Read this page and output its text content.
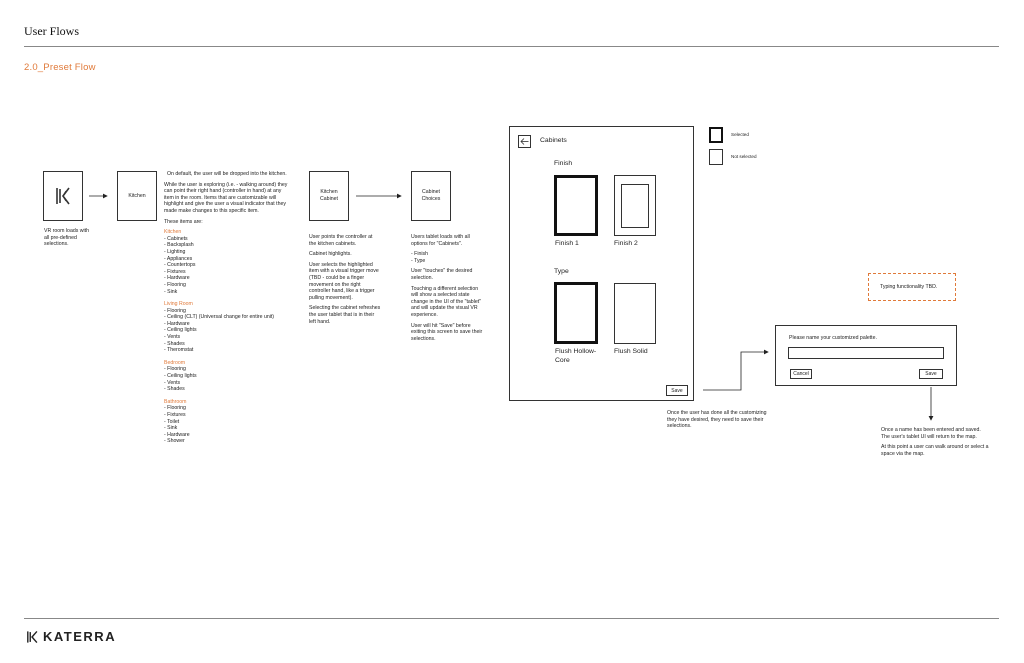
User Flows
2.0_Preset Flow
VR room loads with all pre-defined selections.
Kitchen

On default, the user will be dropped into the kitchen.

While the user is exploring (i.e. - walking around) they can point their right hand (controller in hand) at any item in the room. Items that are customizable will highlight and give the user a visual indicator that they made make changes to this specific item.

These items are:

Kitchen
- Cabinets
- Backsplash
- Lighting
- Appliances
- Countertops
- Fixtures
- Hardware
- Flooring
- Sink
Living Room
- Flooring
- Ceiling (CLT) (Universal change for entire unit)
- Hardware
- Ceiling lights
- Vents
- Shades
- Theromstat
Bedroom
- Flooring
- Ceiling lights
- Vents
- Shades
Bathroom
- Flooring
- Fixtures
- Toilet
- Sink
- Hardware
- Shower
Kitchen
Cabinet

User points the controller at the kitchen cabinets.

Cabinet highlights.

User selects the highlighted item with a visual trigger move (TBD - could be a finger movement on the right controller hand, like a trigger pulling movement).

Selecting the cabinet refreshes the user tablet that is in their left hand.

Cabinet
Choices

Users tablet loads with all options for "Cabinets".

- Finish

- Type

User "touches" the desired selection.

Touching a different selection will show a selected state change in the UI of the "tablet" and will update the visual VR experience.

User will hit "Save" before exiting this screen to save their selections.

Cabinets
Finish
Finish 1	Finish 2
Type
Flush Hollow-Core
Flush Solid
Save
Once the user has done all the customizing they have desired, they need to save their selections.
Selected
Not selected
Typing functionality TBD.
Please name your customized palette.
Cancel	Save

Once a name has been entered and saved. The user's tablet UI will return to the map.

At this point a user can walk around or select a space via the map.

KATERRA
